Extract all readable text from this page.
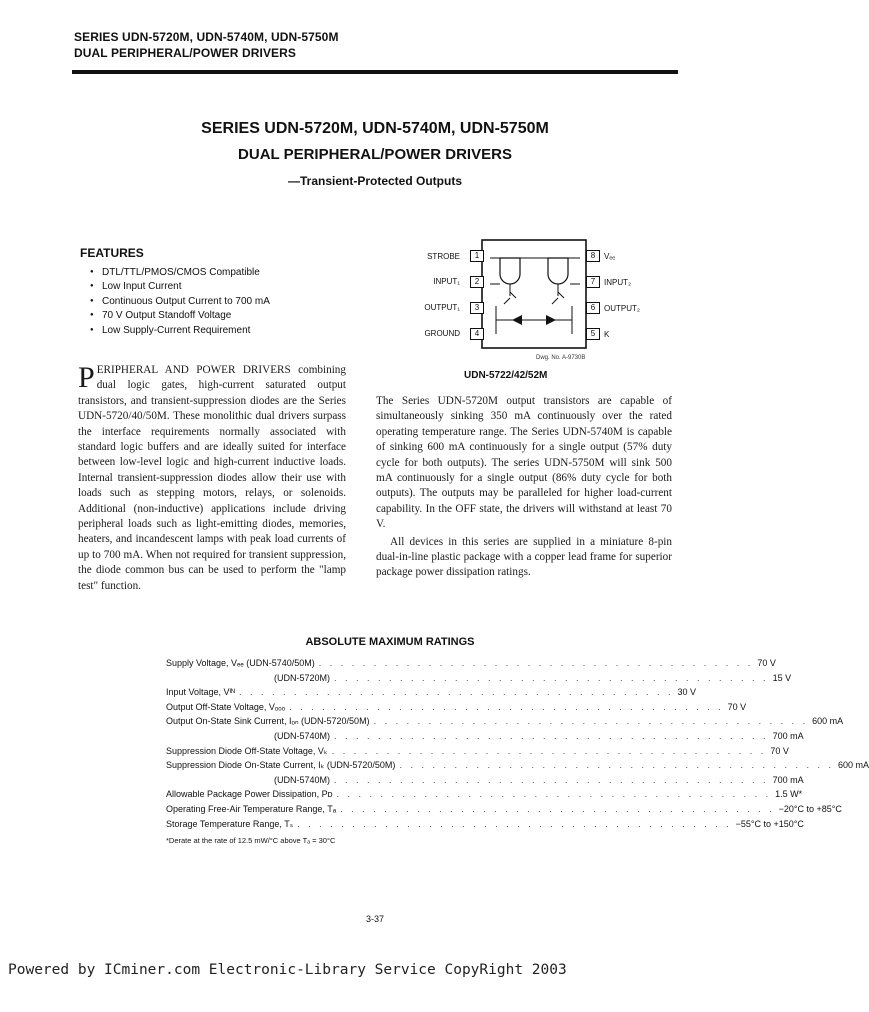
SERIES UDN-5720M, UDN-5740M, UDN-5750M
DUAL PERIPHERAL/POWER DRIVERS
SERIES UDN-5720M, UDN-5740M, UDN-5750M
DUAL PERIPHERAL/POWER DRIVERS
—Transient-Protected Outputs
FEATURES
● DTL/TTL/PMOS/CMOS Compatible
● Low Input Current
● Continuous Output Current to 700 mA
● 70 V Output Standoff Voltage
● Low Supply-Current Requirement
STROBE	1
INPUT₁	2
OUTPUT₁	3
GROUND	4
8	Vₑₑ
7	INPUT₂
6	OUTPUT₂
5	K
Dwg. No. A-9730B
UDN-5722/42/52M

PERIPHERAL AND POWER DRIVERS combining dual logic gates, high-current saturated output transistors, and transient-suppression diodes are the Series UDN-5720/40/50M. These monolithic dual drivers surpass the interface requirements normally associated with standard logic buffers and are ideally suited for interface between low-level logic and high-current inductive loads. Internal transient-suppression diodes allow their use with loads such as stepping motors, relays, or solenoids. Additional (non-inductive) applications include driving peripheral loads such as light-emitting diodes, memories, heaters, and incandescent lamps with peak load currents of up to 700 mA. When not required for transient suppression, the diode common bus can be used to perform the "lamp test" function.

The Series UDN-5720M output transistors are capable of simultaneously sinking 350 mA continuously over the rated operating temperature range. The Series UDN-5740M is capable of sinking 600 mA continuously for a single output (57% duty cycle for both outputs). The series UDN-5750M will sink 500 mA continuously for a single output (86% duty cycle for both outputs). The outputs may be paralleled for higher load-current capability. In the OFF state, the drivers will withstand at least 70 V.

All devices in this series are supplied in a miniature 8-pin dual-in-line plastic package with a copper lead frame for superior package power dissipation ratings.

ABSOLUTE MAXIMUM RATINGS
Supply Voltage, Vₑₑ (UDN-5740/50M) . . . . . . . . . . . . . . . . . . . . . . . . . . . . . . . . . . . . . . . . 70 V
(UDN-5720M) . . . . . . . . . . . . . . . . . . . . . . . . . . . . . . . . . . . . . . . . 15 V
Input Voltage, Vᴵᴺ . . . . . . . . . . . . . . . . . . . . . . . . . . . . . . . . . . . . . . . . 30 V
Output Off-State Voltage, Vₒₒₒ . . . . . . . . . . . . . . . . . . . . . . . . . . . . . . . . . . . . . . . . 70 V
Output On-State Sink Current, Iₒₙ (UDN-5720/50M) . . . . . . . . . . . . . . . . . . . . . . . . . . . . . . . . . . . . . . . . 600 mA
(UDN-5740M) . . . . . . . . . . . . . . . . . . . . . . . . . . . . . . . . . . . . . . . . 700 mA
Suppression Diode Off-State Voltage, Vₖ . . . . . . . . . . . . . . . . . . . . . . . . . . . . . . . . . . . . . . . . 70 V
Suppression Diode On-State Current, Iₖ (UDN-5720/50M) . . . . . . . . . . . . . . . . . . . . . . . . . . . . . . . . . . . . . . . . 600 mA
(UDN-5740M) . . . . . . . . . . . . . . . . . . . . . . . . . . . . . . . . . . . . . . . . 700 mA
Allowable Package Power Dissipation, Pᴅ . . . . . . . . . . . . . . . . . . . . . . . . . . . . . . . . . . . . . . . . 1.5 W*
Operating Free-Air Temperature Range, Tₐ . . . . . . . . . . . . . . . . . . . . . . . . . . . . . . . . . . . . . . . . −20°C to +85°C
Storage Temperature Range, Tₛ . . . . . . . . . . . . . . . . . . . . . . . . . . . . . . . . . . . . . . . . −55°C to +150°C
*Derate at the rate of 12.5 mW/°C above Tₐ = 30°C
3-37
Powered by ICminer.com Electronic-Library Service CopyRight 2003
